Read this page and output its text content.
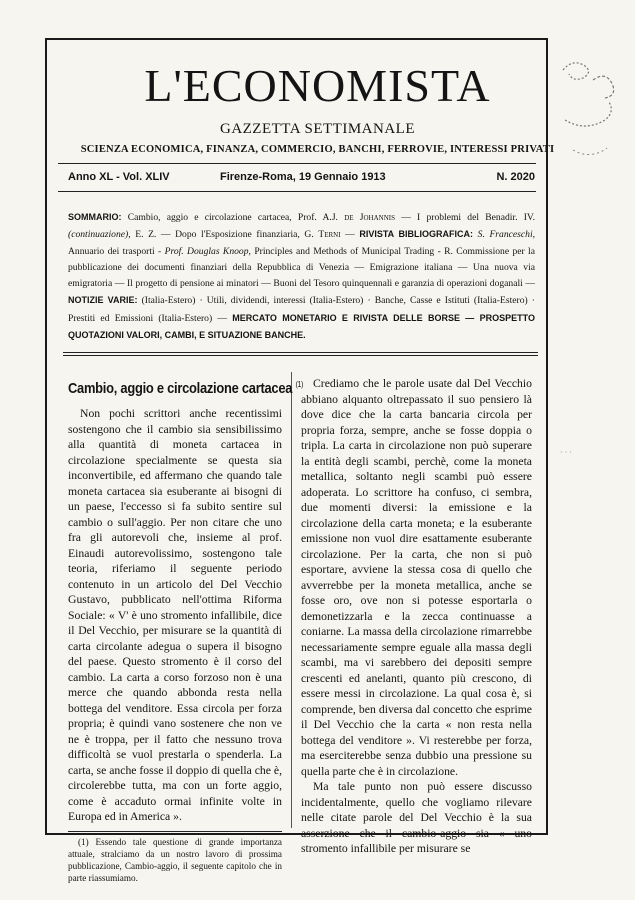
L'ECONOMISTA
GAZZETTA SETTIMANALE
SCIENZA ECONOMICA, FINANZA, COMMERCIO, BANCHI, FERROVIE, INTERESSI PRIVATI
Anno XL - Vol. XLIV	Firenze-Roma, 19 Gennaio 1913	N. 2020
SOMMARIO: Cambio, aggio e circolazione cartacea, Prof. A.J. de Johannis — I problemi del Benadir. IV. (continuazione), E. Z. — Dopo l'Esposizione finanziaria, G. Terni — RIVISTA BIBLIOGRAFICA: S. Franceschi, Annuario dei trasporti - Prof. Douglas Knoop, Principles and Methods of Municipal Trading - R. Commissione per la pubblicazione dei documenti finanziari della Repubblica di Venezia — Emigrazione italiana — Una nuova via emigratoria — Il progetto di pensione ai minatori — Buoni del Tesoro quinquennali e garanzia di operazioni doganali — NOTIZIE VARIE: (Italia-Estero) · Utili, dividendi, interessi (Italia-Estero) · Banche, Casse e Istituti (Italia-Estero) · Prestiti ed Emissioni (Italia-Estero) — MERCATO MONETARIO E RIVISTA DELLE BORSE — PROSPETTO QUOTAZIONI VALORI, CAMBI, E SITUAZIONE BANCHE.
Cambio, aggio e circolazione cartacea $^{(1)}$

Non pochi scrittori anche recentissimi sostengono che il cambio sia sensibilissimo alla quantità di moneta cartacea in circolazione specialmente se questa sia inconvertibile, ed affermano che quando tale moneta cartacea sia esuberante ai bisogni di un paese, l'eccesso si fa subito sentire sul cambio o sull'aggio. Per non citare che uno fra gli autorevoli che, insieme al prof. Einaudi autorevolissimo, sostengono tale teoria, riferiamo il seguente periodo contenuto in un articolo del Del Vecchio Gustavo, pubblicato nell'ottima Riforma Sociale: « V' è uno stromento infallibile, dice il Del Vecchio, per misurare se la quantità di carta circolante adegua o supera il bisogno del paese. Questo stromento è il corso del cambio. La carta a corso forzoso non è una merce che quando abbonda resta nella bottega del venditore. Essa circola per forza propria; è quindi vano sostenere che non ve ne è troppa, per il fatto che nessuno trova difficoltà se vuol prestarla o spenderla. La carta, se anche fosse il doppio di quella che è, circolerebbe tutta, ma con un forte aggio, come è accaduto ormai infinite volte in Europa ed in America ».

(1) Essendo tale questione di grande importanza attuale, stralciamo da un nostro lavoro di prossima pubblicazione, Cambio-aggio, il seguente capitolo che in parte riassumiamo.

Crediamo che le parole usate dal Del Vecchio abbiano alquanto oltrepassato il suo pensiero là dove dice che la carta bancaria circola per propria forza, sempre, anche se fosse doppia o tripla. La carta in circolazione non può superare la entità degli scambi, perchè, come la moneta metallica, soltanto negli scambi può essere adoperata. Lo scrittore ha confuso, ci sembra, due momenti diversi: la emissione e la circolazione della carta moneta; e la esuberante emissione non vuol dire esattamente esuberante circolazione. Per la carta, che non si può esportare, avviene la stessa cosa di quello che avverrebbe per la moneta metallica, anche se fosse oro, ove non si potesse esportarla o demonetizzarla e la zecca continuasse a coniarne. La massa della circolazione rimarrebbe necessariamente sempre eguale alla massa degli scambi, ma vi sarebbero dei depositi sempre crescenti ed anelanti, quanto più crescono, di essere messi in circolazione. La qual cosa è, si comprende, ben diversa dal concetto che esprime il Del Vecchio che la carta « non resta nella bottega del venditore ». Vi resterebbe per forza, ma eserciterebbe senza dubbio una pressione su quella parte che è in circolazione.

Ma tale punto non può essere discusso incidentalmente, quello che vogliamo rilevare nelle citate parole del Del Vecchio è la sua asserzione che il cambio-aggio sia « uno stromento infallibile per misurare se

· · ·
